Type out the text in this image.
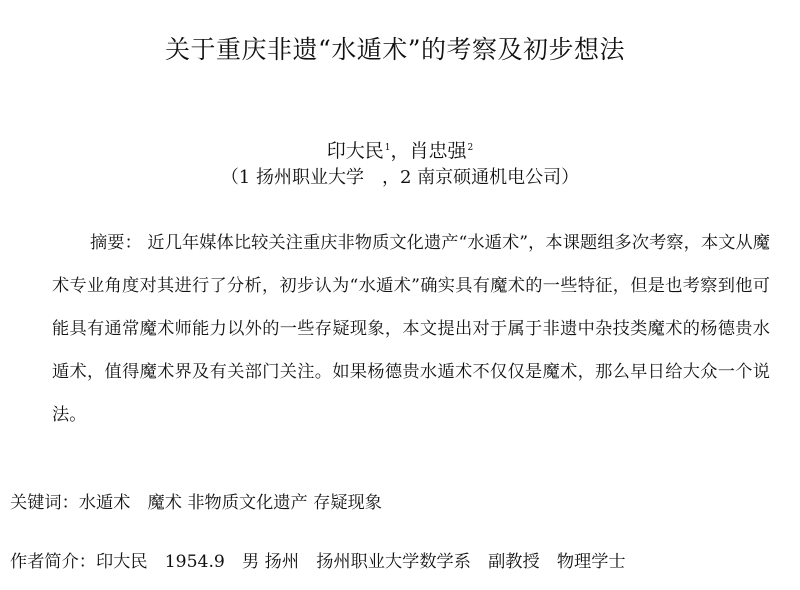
关于重庆非遗“水遁术”的考察及初步想法
印大民$^1$，肖忠强$^2$
（1 扬州职业大学　，2 南京硕通机电公司）
摘要： 近几年媒体比较关注重庆非物质文化遗产“水遁术”，本课题组多次考察，本文从魔术专业角度对其进行了分析，初步认为“水遁术”确实具有魔术的一些特征，但是也考察到他可能具有通常魔术师能力以外的一些存疑现象，本文提出对于属于非遗中杂技类魔术的杨德贵水遁术，值得魔术界及有关部门关注。如果杨德贵水遁术不仅仅是魔术，那么早日给大众一个说法。
关键词：水遁术　魔术 非物质文化遗产 存疑现象
作者简介：印大民　1954.9　男 扬州　扬州职业大学数学系　副教授　物理学士
